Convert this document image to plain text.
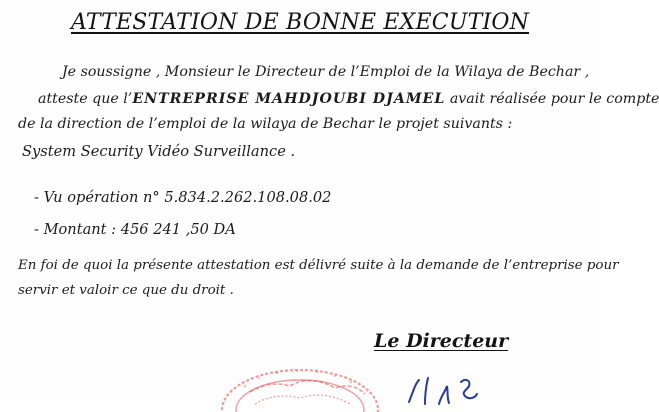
ATTESTATION DE BONNE EXECUTION
Je soussigne , Monsieur le Directeur de l’Emploi de la Wilaya de Bechar ,
atteste que l’ENTREPRISE MAHDJOUBI DJAMEL avait réalisée pour le compte
de la direction de l’emploi de la wilaya de Bechar le projet suivants :
System Security Vidéo Surveillance .
- Vu opération n° 5.834.2.262.108.08.02
- Montant : 456 241 ,50 DA
En foi de quoi la présente attestation est délivré suite à la demande de l’entreprise pour
servir et valoir ce que du droit .
Le Directeur
